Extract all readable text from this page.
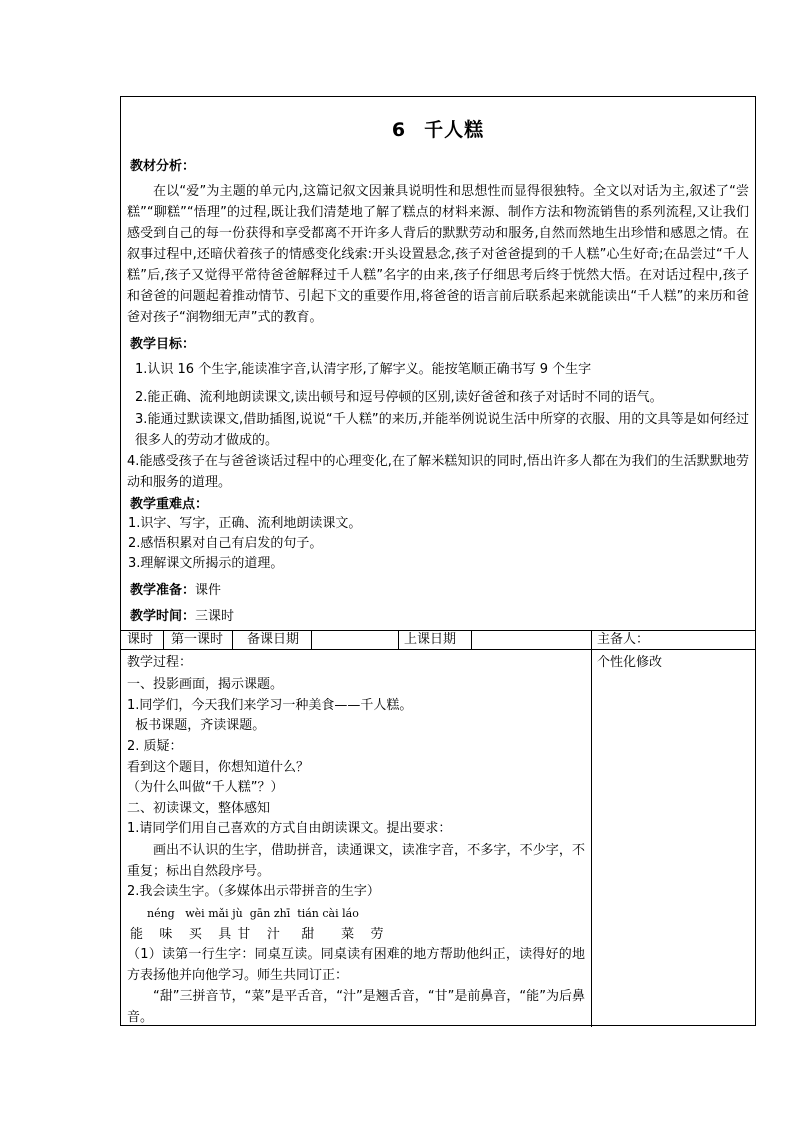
6 千人糕
教材分析：
在以“爱”为主题的单元内,这篇记叙文因兼具说明性和思想性而显得很独特。全文以对话为主,叙述了“尝糕”“聊糕”“悟理”的过程,既让我们清楚地了解了糕点的材料来源、制作方法和物流销售的系列流程,又让我们感受到自己的每一份获得和享受都离不开许多人背后的默默劳动和服务,自然而然地生出珍惜和感恩之情。在叙事过程中,还暗伏着孩子的情感变化线索:开头设置悬念,孩子对爸爸提到的千人糕”心生好奇;在品尝过“千人糕”后,孩子又觉得平常待爸爸解释过千人糕”名字的由来,孩子仔细思考后终于恍然大悟。在对话过程中,孩子和爸爸的问题起着推动情节、引起下文的重要作用,将爸爸的语言前后联系起来就能读出“千人糕”的来历和爸爸对孩子“润物细无声”式的教育。
教学目标：
1.认识 16 个生字,能读准字音,认清字形,了解字义。能按笔顺正确书写 9 个生字
2.能正确、流利地朗读课文,读出顿号和逗号停顿的区别,读好爸爸和孩子对话时不同的语气。
3.能通过默读课文,借助插图,说说“千人糕”的来历,并能举例说说生活中所穿的衣服、用的文具等是如何经过很多人的劳动才做成的。
4.能感受孩子在与爸爸谈话过程中的心理变化,在了解米糕知识的同时,悟出许多人都在为我们的生活默默地劳动和服务的道理。
教学重难点：
1.识字、写字，正确、流利地朗读课文。
2.感悟积累对自己有启发的句子。
3.理解课文所揭示的道理。
教学准备：课件
教学时间：三课时
课时 第一课时 备课日期	上课日期	主备人：
教学过程：
一、投影画面，揭示课题。
1.同学们，今天我们来学习一种美食——千人糕。
板书课题，齐读课题。
2. 质疑：
看到这个题目，你想知道什么？
（为什么叫做“千人糕”？）
二、初读课文，整体感知
1.请同学们用自己喜欢的方式自由朗读课文。提出要求：
画出不认识的生字，借助拼音，读通课文，读准字音，不多字，不少字，不重复；标出自然段序号。
2.我会读生字。（多媒体出示带拼音的生字）
néng wèi mǎi jù gān zhī tián cài láo
能 味 买 具 甘 汁 甜 菜 劳
（1）读第一行生字：同桌互读。同桌读有困难的地方帮助他纠正，读得好的地方表扬他并向他学习。师生共同订正：
“甜”三拼音节，“菜”是平舌音，“汁”是翘舌音，“甘”是前鼻音，“能”为后鼻音。
个性化修改
